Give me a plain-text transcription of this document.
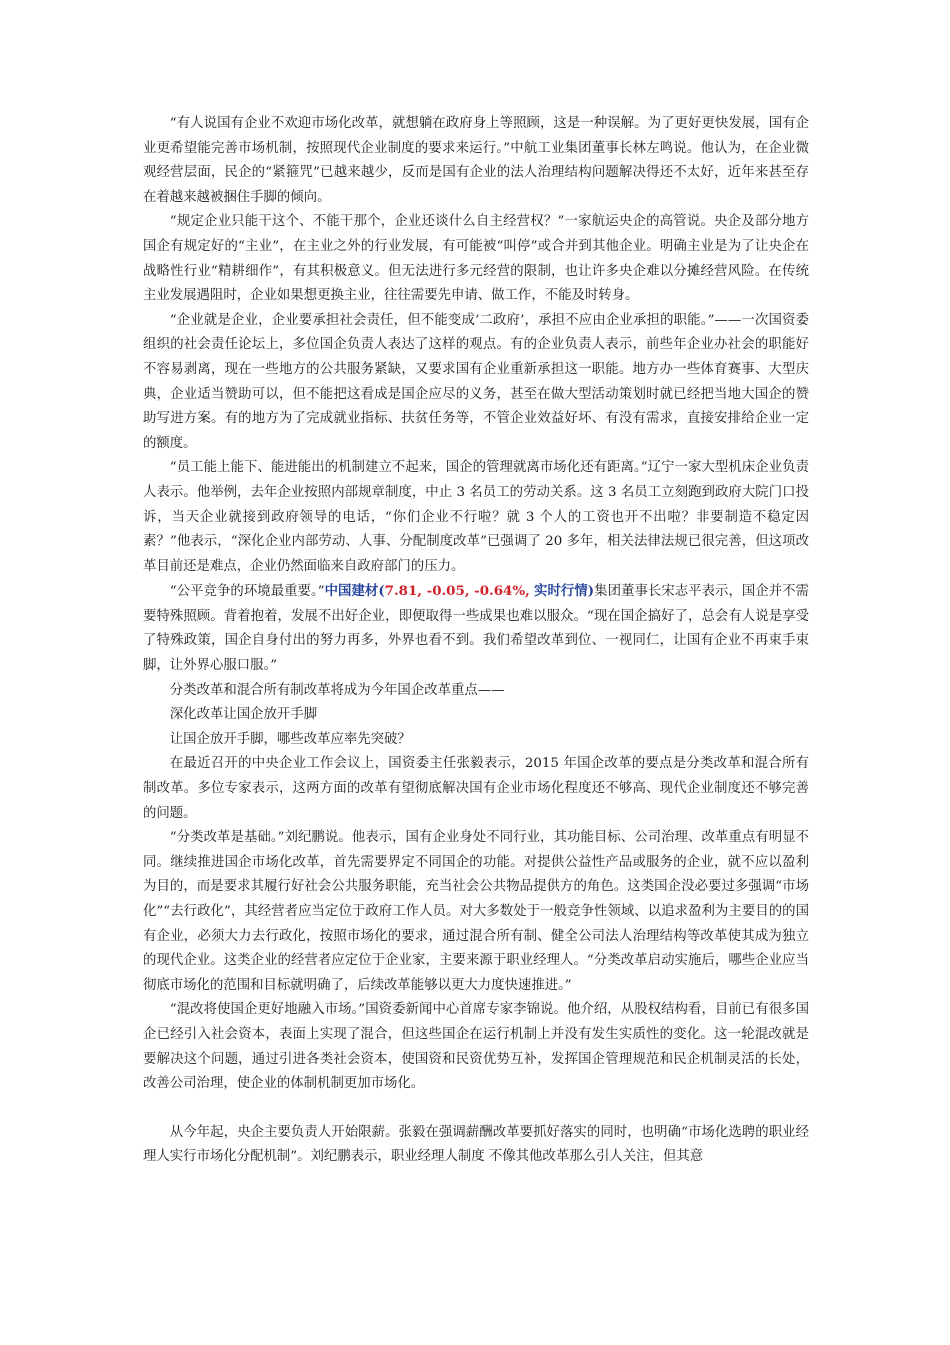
“有人说国有企业不欢迎市场化改革，就想躺在政府身上等照顾，这是一种误解。为了更好更快发展，国有企业更希望能完善市场机制，按照现代企业制度的要求来运行。”中航工业集团董事长林左鸣说。他认为，在企业微观经营层面，民企的“紧箍咒”已越来越少，反而是国有企业的法人治理结构问题解决得还不太好，近年来甚至存在着越来越被捆住手脚的倾向。

“规定企业只能干这个、不能干那个，企业还谈什么自主经营权？”一家航运央企的高管说。央企及部分地方国企有规定好的“主业”，在主业之外的行业发展，有可能被“叫停”或合并到其他企业。明确主业是为了让央企在战略性行业“精耕细作”，有其积极意义。但无法进行多元经营的限制，也让许多央企难以分摊经营风险。在传统主业发展遇阻时，企业如果想更换主业，往往需要先申请、做工作，不能及时转身。

“企业就是企业，企业要承担社会责任，但不能变成‘二政府’，承担不应由企业承担的职能。”——一次国资委组织的社会责任论坛上，多位国企负责人表达了这样的观点。有的企业负责人表示，前些年企业办社会的职能好不容易剥离，现在一些地方的公共服务紧缺，又要求国有企业重新承担这一职能。地方办一些体育赛事、大型庆典，企业适当赞助可以，但不能把这看成是国企应尽的义务，甚至在做大型活动策划时就已经把当地大国企的赞助写进方案。有的地方为了完成就业指标、扶贫任务等，不管企业效益好坏、有没有需求，直接安排给企业一定的额度。

“员工能上能下、能进能出的机制建立不起来，国企的管理就离市场化还有距离。”辽宁一家大型机床企业负责人表示。他举例，去年企业按照内部规章制度，中止 3 名员工的劳动关系。这 3 名员工立刻跑到政府大院门口投诉，当天企业就接到政府领导的电话，“你们企业不行啦？就 3 个人的工资也开不出啦？非要制造不稳定因素？”他表示，“深化企业内部劳动、人事、分配制度改革”已强调了 20 多年，相关法律法规已很完善，但这项改革目前还是难点，企业仍然面临来自政府部门的压力。

“公平竞争的环境最重要。”中国建材(7.81, -0.05, -0.64%, 实时行情)集团董事长宋志平表示，国企并不需要特殊照顾。背着抱着，发展不出好企业，即便取得一些成果也难以服众。“现在国企搞好了，总会有人说是享受了特殊政策，国企自身付出的努力再多，外界也看不到。我们希望改革到位、一视同仁，让国有企业不再束手束脚，让外界心服口服。”

分类改革和混合所有制改革将成为今年国企改革重点——

深化改革让国企放开手脚

让国企放开手脚，哪些改革应率先突破？

在最近召开的中央企业工作会议上，国资委主任张毅表示，2015 年国企改革的要点是分类改革和混合所有制改革。多位专家表示，这两方面的改革有望彻底解决国有企业市场化程度还不够高、现代企业制度还不够完善的问题。

“分类改革是基础。”刘纪鹏说。他表示，国有企业身处不同行业，其功能目标、公司治理、改革重点有明显不同。继续推进国企市场化改革，首先需要界定不同国企的功能。对提供公益性产品或服务的企业，就不应以盈利为目的，而是要求其履行好社会公共服务职能，充当社会公共物品提供方的角色。这类国企没必要过多强调“市场化”“去行政化”，其经营者应当定位于政府工作人员。对大多数处于一般竞争性领域、以追求盈利为主要目的的国有企业，必须大力去行政化，按照市场化的要求，通过混合所有制、健全公司法人治理结构等改革使其成为独立的现代企业。这类企业的经营者应定位于企业家，主要来源于职业经理人。“分类改革启动实施后，哪些企业应当彻底市场化的范围和目标就明确了，后续改革能够以更大力度快速推进。”

“混改将使国企更好地融入市场。”国资委新闻中心首席专家李锦说。他介绍，从股权结构看，目前已有很多国企已经引入社会资本，表面上实现了混合，但这些国企在运行机制上并没有发生实质性的变化。这一轮混改就是要解决这个问题，通过引进各类社会资本，使国资和民资优势互补，发挥国企管理规范和民企机制灵活的长处，改善公司治理，使企业的体制机制更加市场化。

从今年起，央企主要负责人开始限薪。张毅在强调薪酬改革要抓好落实的同时，也明确“市场化选聘的职业经理人实行市场化分配机制”。刘纪鹏表示，职业经理人制度 不像其他改革那么引人关注，但其意
